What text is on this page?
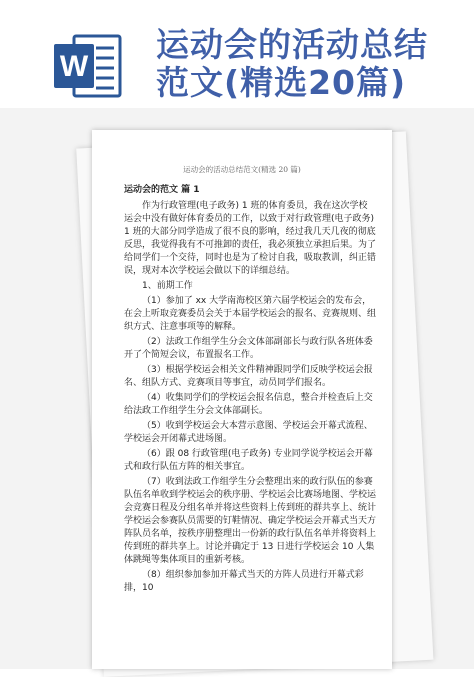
W
运动会的活动总结
范文(精选20篇)
运动会的活动总结范文(精选 20 篇)
运动会的范文 篇 1

作为行政管理(电子政务) 1 班的体育委员，我在这次学校运会中没有做好体育委员的工作，以致于对行政管理(电子政务) 1 班的大部分同学造成了很不良的影响，经过我几天几夜的彻底反思，我觉得我有不可推卸的责任，我必须独立承担后果。为了给同学们一个交待，同时也是为了检讨自我，吸取教训，纠正错误，现对本次学校运会做以下的详细总结。

1、前期工作

（1）参加了 xx 大学南海校区第六届学校运会的发布会，在会上听取竞赛委员会关于本届学校运会的报名、竞赛规则、组织方式、注意事项等的解释。

（2）法政工作组学生分会文体部副部长与政行队各班体委开了个简短会议，布置报名工作。

（3）根据学校运会相关文件精神跟同学们反映学校运会报名、组队方式、竞赛项目等事宜，动员同学们报名。

（4）收集同学们的学校运会报名信息，整合并检查后上交给法政工作组学生分会文体部副长。

（5）收到学校运会大本营示意图、学校运会开幕式流程、学校运会开闭幕式进场图。

（6）跟 08 行政管理(电子政务) 专业同学说学校运会开幕式和政行队伍方阵的相关事宜。

（7）收到法政工作组学生分会整理出来的政行队伍的参赛队伍名单收到学校运会的秩序册、学校运会比赛场地图、学校运会竞赛日程及分组名单并将这些资料上传到班的群共享上、统计学校运会参赛队员需要的钉鞋情况、确定学校运会开幕式当天方阵队员名单，按秩序册整理出一份新的政行队伍名单并将资料上传到班的群共享上。讨论并确定于 13 日进行学校运会 10 人集体跳绳等集体项目的重新考核。

（8）组织参加参加开幕式当天的方阵人员进行开幕式彩排，10
